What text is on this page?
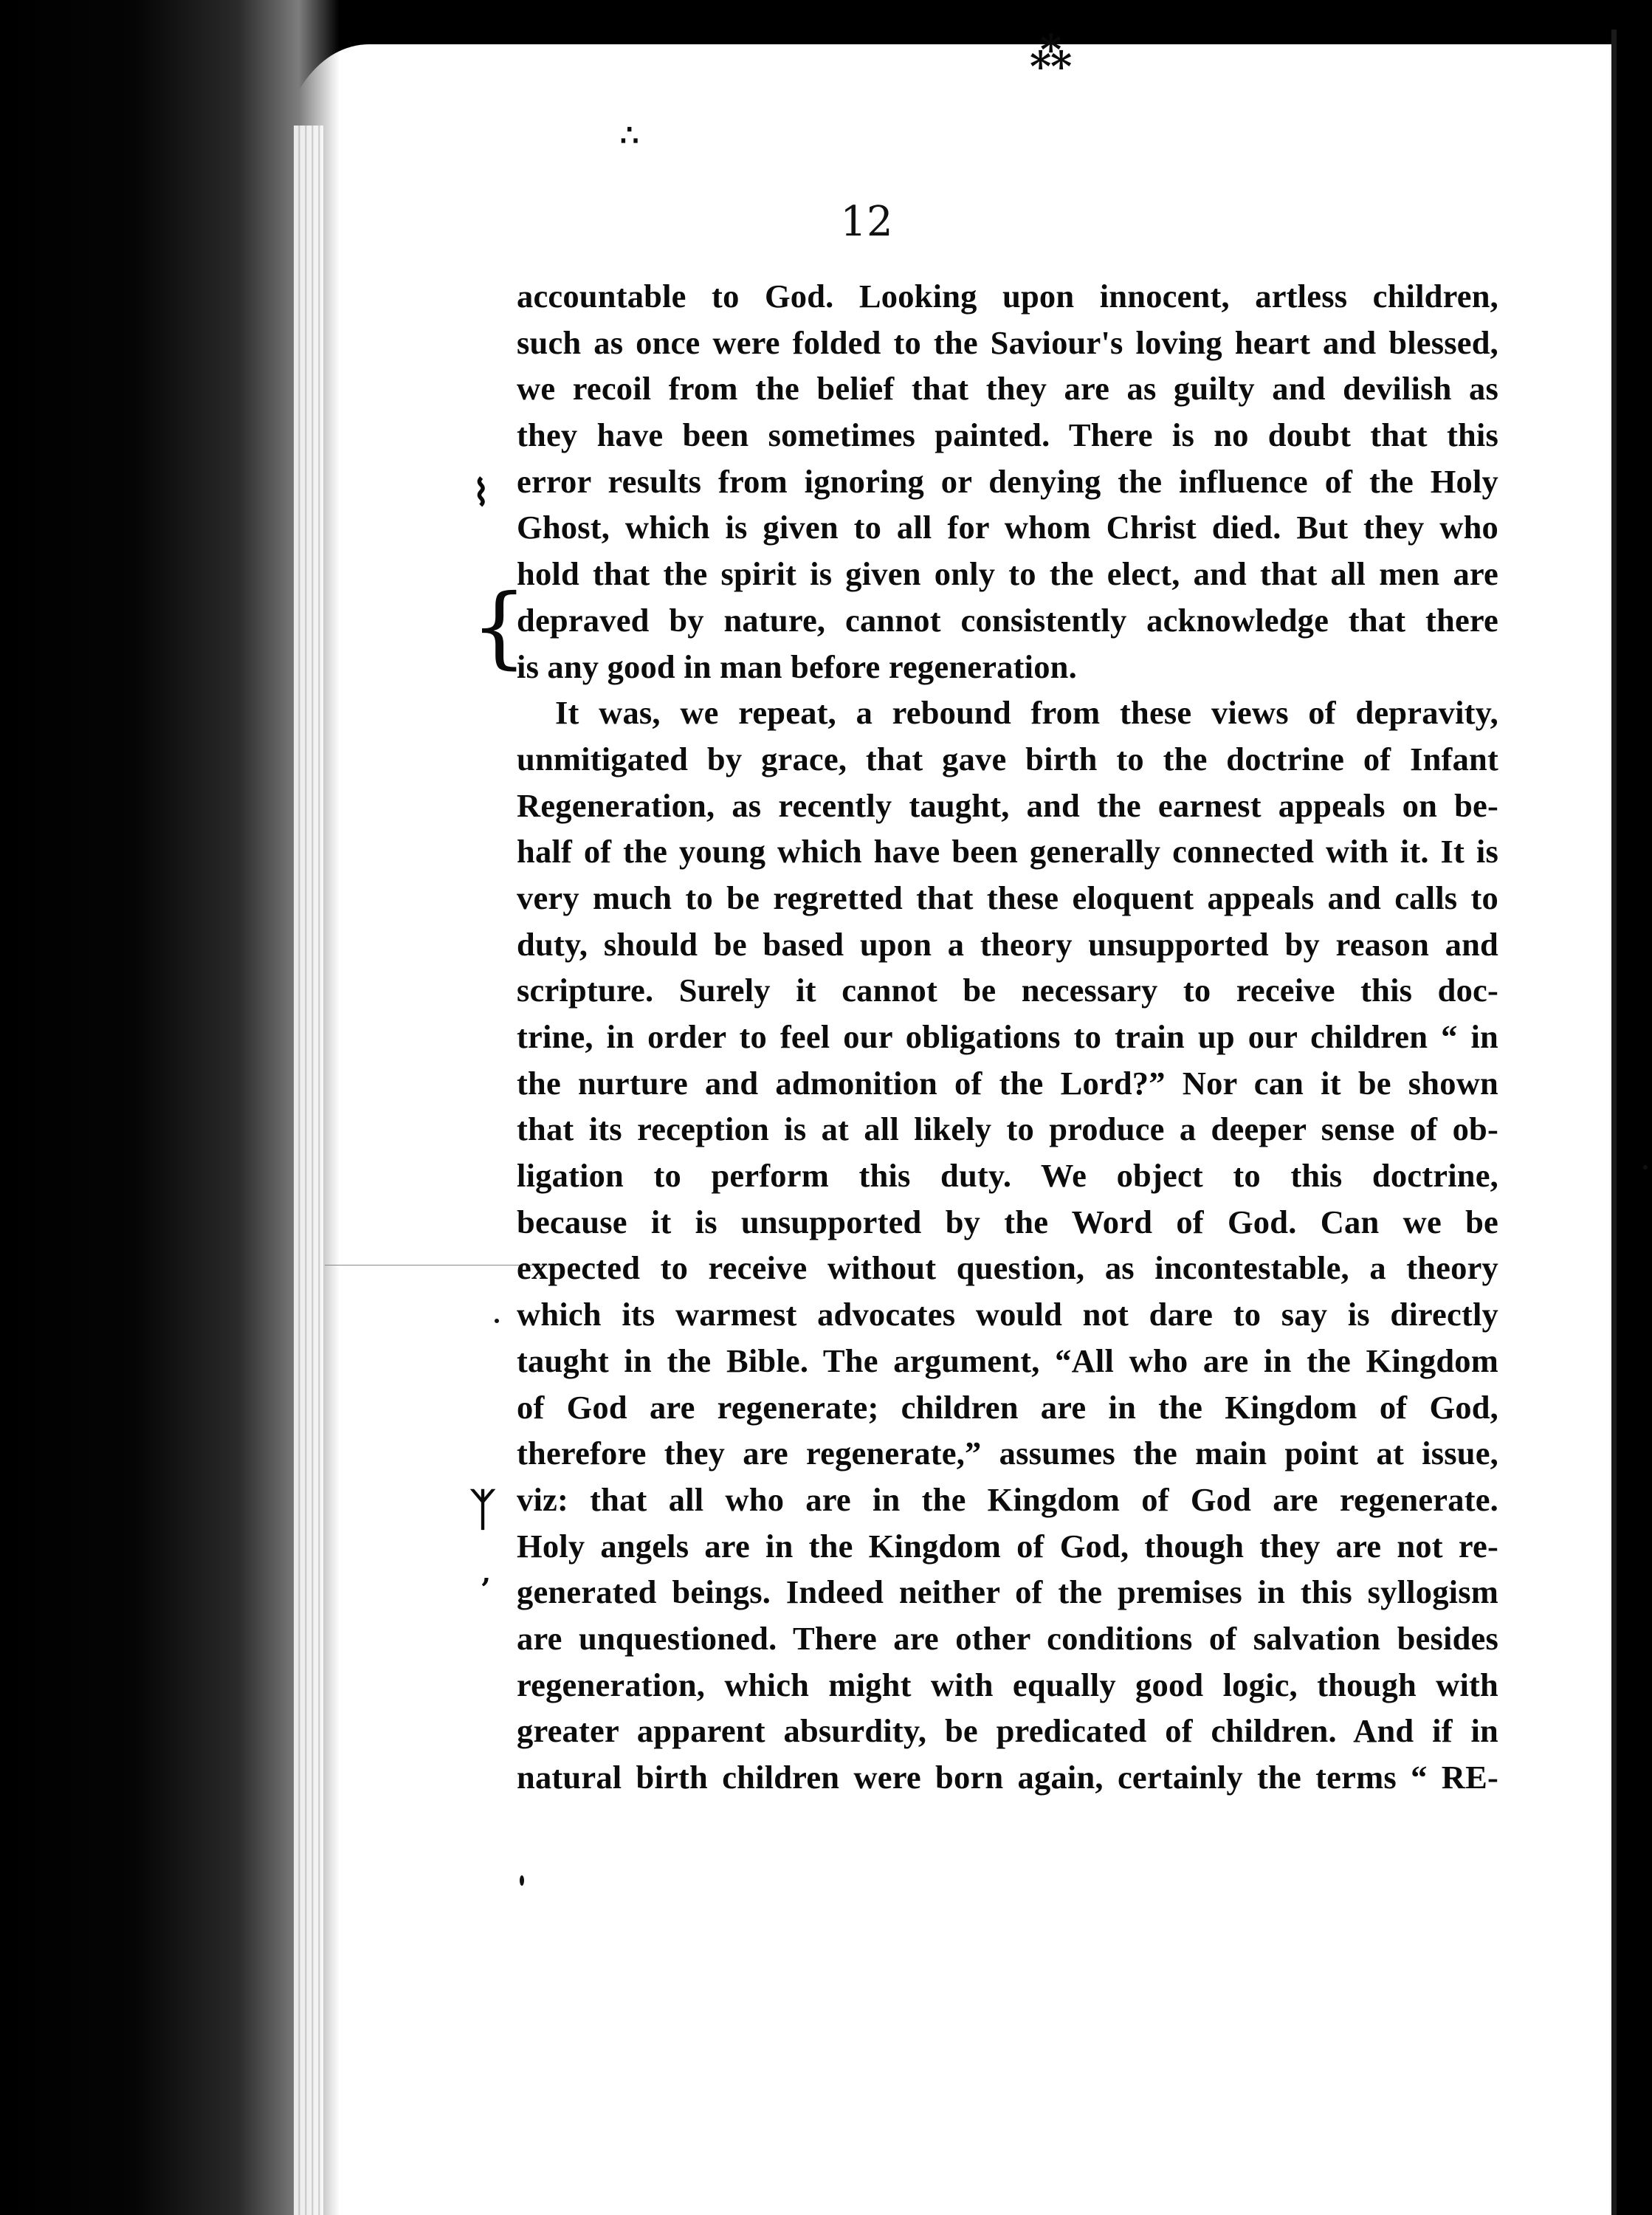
⁂
∴
⌇
{
ᛉ
ʼ
12
accountable to God. Looking upon innocent, artless children,
such as once were folded to the Saviour's loving heart and blessed,
we recoil from the belief that they are as guilty and devilish as
they have been sometimes painted. There is no doubt that this
error results from ignoring or denying the influence of the Holy
Ghost, which is given to all for whom Christ died. But they who
hold that the spirit is given only to the elect, and that all men are
depraved by nature, cannot consistently acknowledge that there
is any good in man before regeneration.
It was, we repeat, a rebound from these views of depravity,
unmitigated by grace, that gave birth to the doctrine of Infant
Regeneration, as recently taught, and the earnest appeals on be-
half of the young which have been generally connected with it. It is
very much to be regretted that these eloquent appeals and calls to
duty, should be based upon a theory unsupported by reason and
scripture. Surely it cannot be necessary to receive this doc-
trine, in order to feel our obligations to train up our children “ in
the nurture and admonition of the Lord?” Nor can it be shown
that its reception is at all likely to produce a deeper sense of ob-
ligation to perform this duty. We object to this doctrine,
because it is unsupported by the Word of God. Can we be
expected to receive without question, as incontestable, a theory
which its warmest advocates would not dare to say is directly
taught in the Bible. The argument, “All who are in the Kingdom
of God are regenerate; children are in the Kingdom of God,
therefore they are regenerate,” assumes the main point at issue,
viz: that all who are in the Kingdom of God are regenerate.
Holy angels are in the Kingdom of God, though they are not re-
generated beings. Indeed neither of the premises in this syllogism
are unquestioned. There are other conditions of salvation besides
regeneration, which might with equally good logic, though with
greater apparent absurdity, be predicated of children. And if in
natural birth children were born again, certainly the terms “ RE-
